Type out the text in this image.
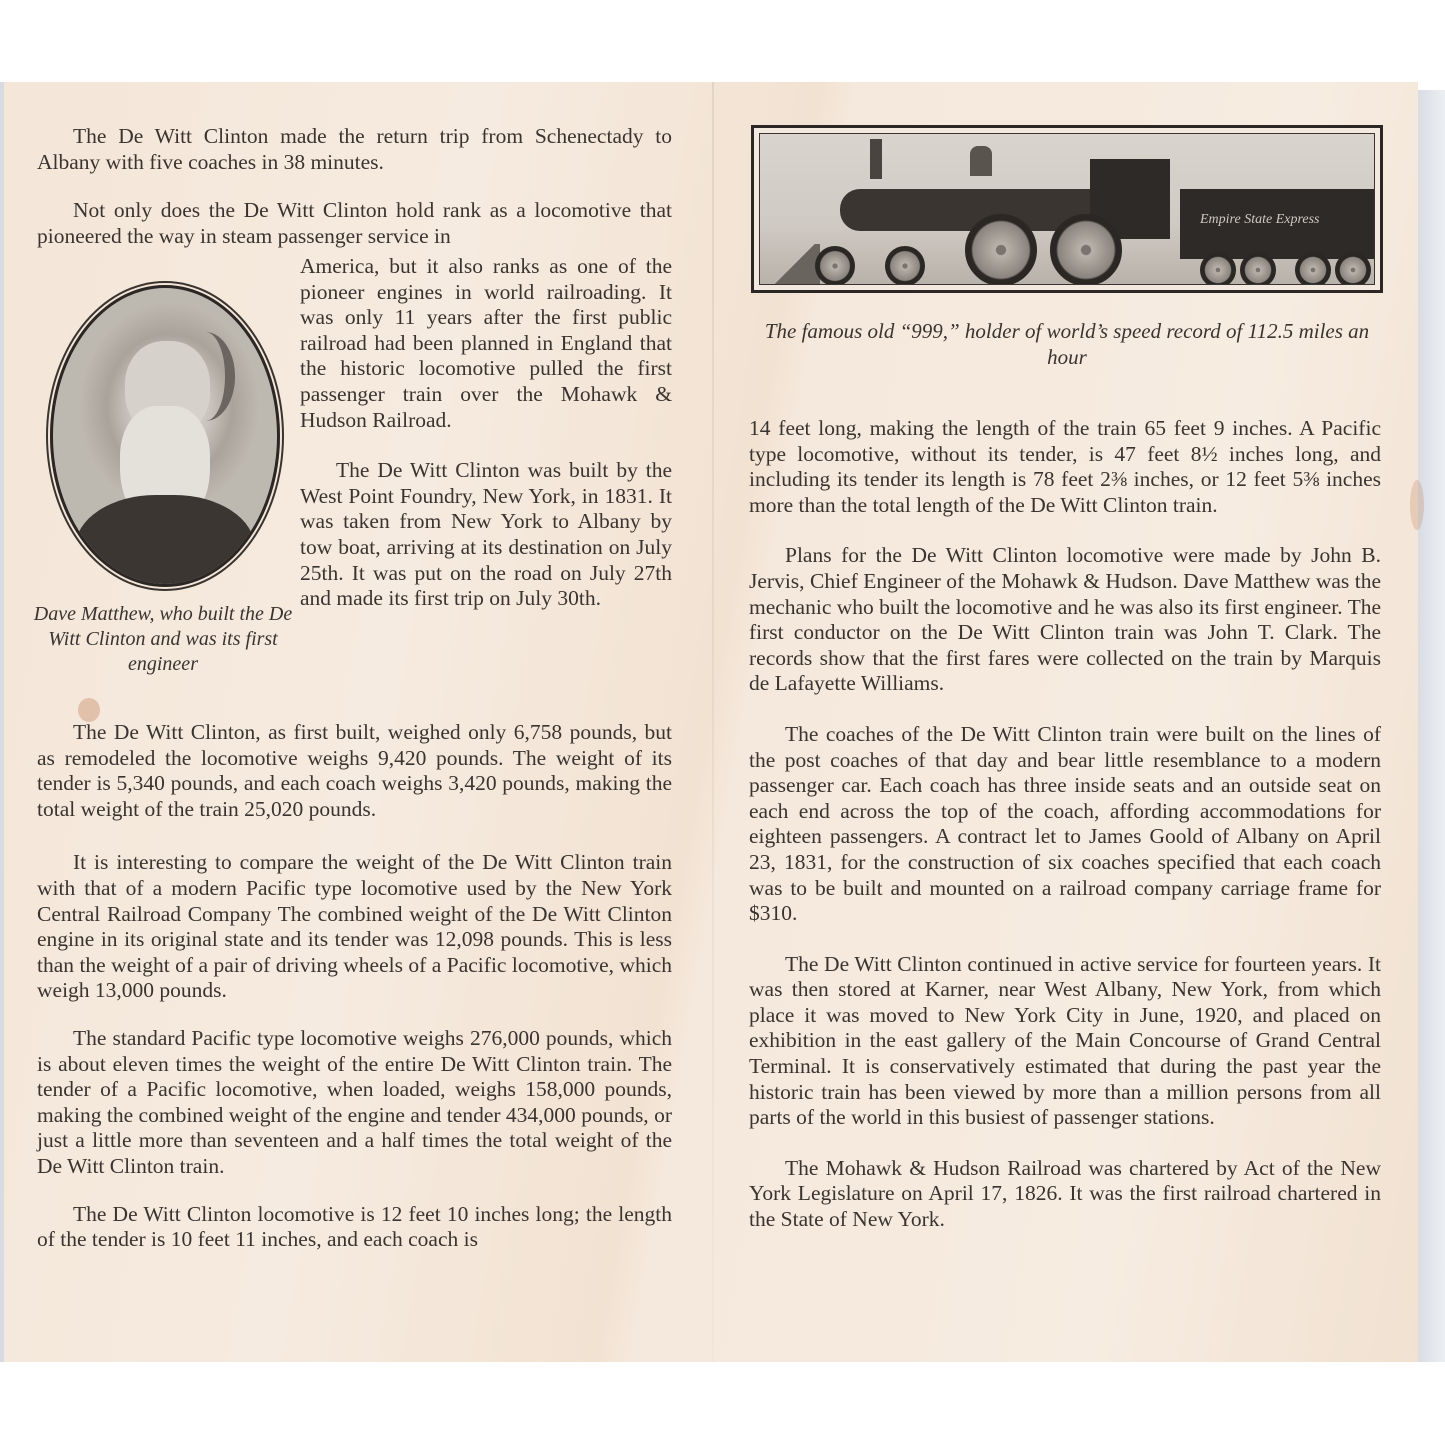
The De Witt Clinton made the return trip from Schenectady to Albany with five coaches in 38 minutes.

Not only does the De Witt Clinton hold rank as a locomotive that pioneered the way in steam passenger service in

America, but it also ranks as one of the pioneer engines in world railroading. It was only 11 years after the first public railroad had been planned in England that the historic locomotive pulled the first passenger train over the Mohawk & Hudson Railroad.

The De Witt Clinton was built by the West Point Foundry, New York, in 1831. It was taken from New York to Albany by tow boat, arriving at its destination on July 25th. It was put on the road on July 27th and made its first trip on July 30th.

Dave Matthew, who built the De Witt Clinton and was its first engineer

The De Witt Clinton, as first built, weighed only 6,758 pounds, but as remodeled the locomotive weighs 9,420 pounds. The weight of its tender is 5,340 pounds, and each coach weighs 3,420 pounds, making the total weight of the train 25,020 pounds.

It is interesting to compare the weight of the De Witt Clinton train with that of a modern Pacific type locomotive used by the New York Central Railroad Company The combined weight of the De Witt Clinton engine in its original state and its tender was 12,098 pounds. This is less than the weight of a pair of driving wheels of a Pacific locomotive, which weigh 13,000 pounds.

The standard Pacific type locomotive weighs 276,000 pounds, which is about eleven times the weight of the entire De Witt Clinton train. The tender of a Pacific locomotive, when loaded, weighs 158,000 pounds, making the combined weight of the engine and tender 434,000 pounds, or just a little more than seventeen and a half times the total weight of the De Witt Clinton train.

The De Witt Clinton locomotive is 12 feet 10 inches long; the length of the tender is 10 feet 11 inches, and each coach is

Empire State Express
The famous old “999,” holder of world’s speed record of 112.5 miles an hour

14 feet long, making the length of the train 65 feet 9 inches. A Pacific type locomotive, without its tender, is 47 feet 8½ inches long, and including its tender its length is 78 feet 2⅜ inches, or 12 feet 5⅜ inches more than the total length of the De Witt Clinton train.

Plans for the De Witt Clinton locomotive were made by John B. Jervis, Chief Engineer of the Mohawk & Hudson. Dave Matthew was the mechanic who built the locomotive and he was also its first engineer. The first conductor on the De Witt Clinton train was John T. Clark. The records show that the first fares were collected on the train by Marquis de Lafayette Williams.

The coaches of the De Witt Clinton train were built on the lines of the post coaches of that day and bear little resemblance to a modern passenger car. Each coach has three inside seats and an outside seat on each end across the top of the coach, affording accommodations for eighteen passengers. A contract let to James Goold of Albany on April 23, 1831, for the construction of six coaches specified that each coach was to be built and mounted on a railroad company carriage frame for $310.

The De Witt Clinton continued in active service for fourteen years. It was then stored at Karner, near West Albany, New York, from which place it was moved to New York City in June, 1920, and placed on exhibition in the east gallery of the Main Concourse of Grand Central Terminal. It is conservatively estimated that during the past year the historic train has been viewed by more than a million persons from all parts of the world in this busiest of passenger stations.

The Mohawk & Hudson Railroad was chartered by Act of the New York Legislature on April 17, 1826. It was the first railroad chartered in the State of New York.
